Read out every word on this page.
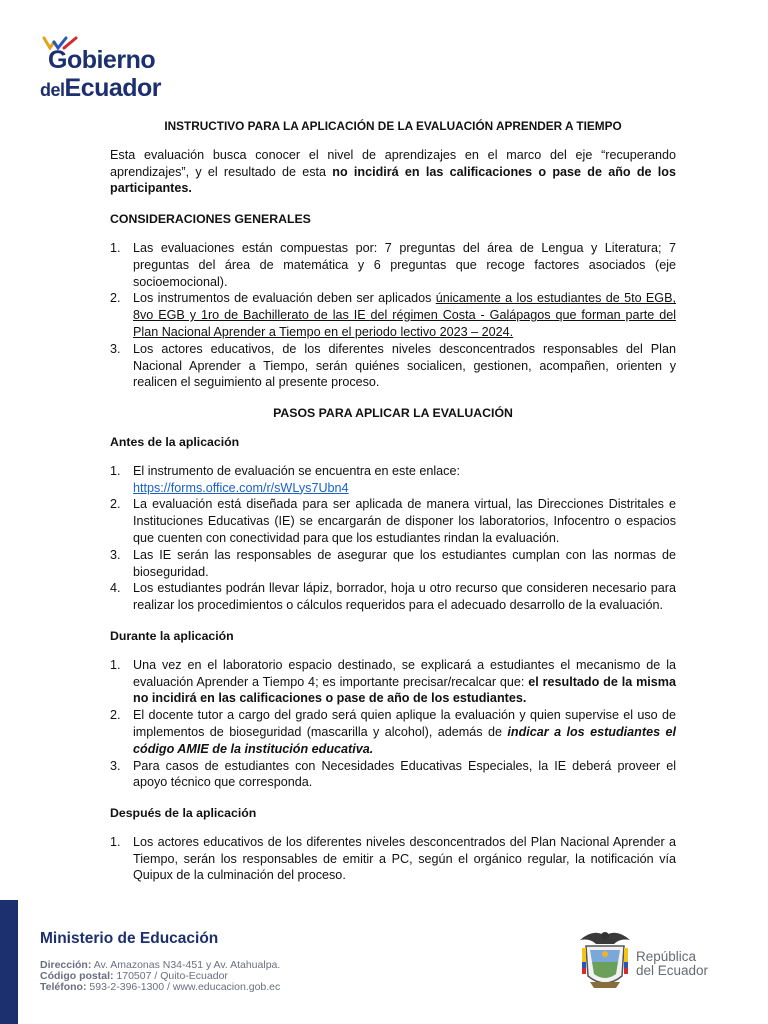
Gobierno
delEcuador

INSTRUCTIVO PARA LA APLICACIÓN DE LA EVALUACIÓN APRENDER A TIEMPO

Esta evaluación busca conocer el nivel de aprendizajes en el marco del eje “recuperando aprendizajes”, y el resultado de esta no incidirá en las calificaciones o pase de año de los participantes.

CONSIDERACIONES GENERALES

1. Las evaluaciones están compuestas por: 7 preguntas del área de Lengua y Literatura; 7 preguntas del área de matemática y 6 preguntas que recoge factores asociados (eje socioemocional).
2. Los instrumentos de evaluación deben ser aplicados únicamente a los estudiantes de 5to EGB, 8vo EGB y 1ro de Bachillerato de las IE del régimen Costa - Galápagos que forman parte del Plan Nacional Aprender a Tiempo en el periodo lectivo 2023 – 2024.
3. Los actores educativos, de los diferentes niveles desconcentrados responsables del Plan Nacional Aprender a Tiempo, serán quiénes socialicen, gestionen, acompañen, orienten y realicen el seguimiento al presente proceso.

PASOS PARA APLICAR LA EVALUACIÓN

Antes de la aplicación

1. El instrumento de evaluación se encuentra en este enlace:
https://forms.office.com/r/sWLys7Ubn4
2. La evaluación está diseñada para ser aplicada de manera virtual, las Direcciones Distritales e Instituciones Educativas (IE) se encargarán de disponer los laboratorios, Infocentro o espacios que cuenten con conectividad para que los estudiantes rindan la evaluación.
3. Las IE serán las responsables de asegurar que los estudiantes cumplan con las normas de bioseguridad.
4. Los estudiantes podrán llevar lápiz, borrador, hoja u otro recurso que consideren necesario para realizar los procedimientos o cálculos requeridos para el adecuado desarrollo de la evaluación.

Durante la aplicación

1. Una vez en el laboratorio espacio destinado, se explicará a estudiantes el mecanismo de la evaluación Aprender a Tiempo 4; es importante precisar/recalcar que: el resultado de la misma no incidirá en las calificaciones o pase de año de los estudiantes.
2. El docente tutor a cargo del grado será quien aplique la evaluación y quien supervise el uso de implementos de bioseguridad (mascarilla y alcohol), además de indicar a los estudiantes el código AMIE de la institución educativa.
3. Para casos de estudiantes con Necesidades Educativas Especiales, la IE deberá proveer el apoyo técnico que corresponda.

Después de la aplicación

1. Los actores educativos de los diferentes niveles desconcentrados del Plan Nacional Aprender a Tiempo, serán los responsables de emitir a PC, según el orgánico regular, la notificación vía Quipux de la culminación del proceso.
Ministerio de Educación
Dirección: Av. Amazonas N34-451 y Av. Atahualpa.
Código postal: 170507 / Quito-Ecuador
Teléfono: 593-2-396-1300 / www.educacion.gob.ec
República
del Ecuador
